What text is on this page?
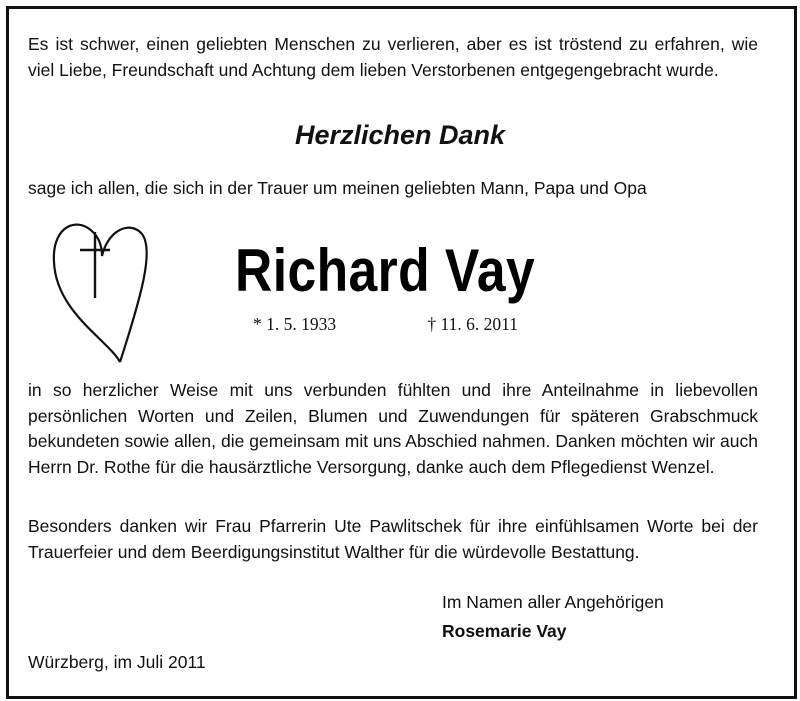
Es ist schwer, einen geliebten Menschen zu verlieren, aber es ist tröstend zu erfahren, wie viel Liebe, Freundschaft und Achtung dem lieben Verstorbenen entgegengebracht wurde.

Herzlichen Dank

sage ich allen, die sich in der Trauer um meinen geliebten Mann, Papa und Opa

Richard Vay

* 1. 5. 1933	† 11. 6. 2011

in so herzlicher Weise mit uns verbunden fühlten und ihre Anteilnahme in liebevollen persönlichen Worten und Zeilen, Blumen und Zuwendungen für späteren Grabschmuck bekundeten sowie allen, die gemeinsam mit uns Abschied nahmen. Danken möchten wir auch Herrn Dr. Rothe für die hausärztliche Versorgung, danke auch dem Pflegedienst Wenzel.

Besonders danken wir Frau Pfarrerin Ute Pawlitschek für ihre einfühlsamen Worte bei der Trauerfeier und dem Beerdigungsinstitut Walther für die würdevolle Bestattung.

Im Namen aller Angehörigen
Rosemarie Vay
Würzberg, im Juli 2011
